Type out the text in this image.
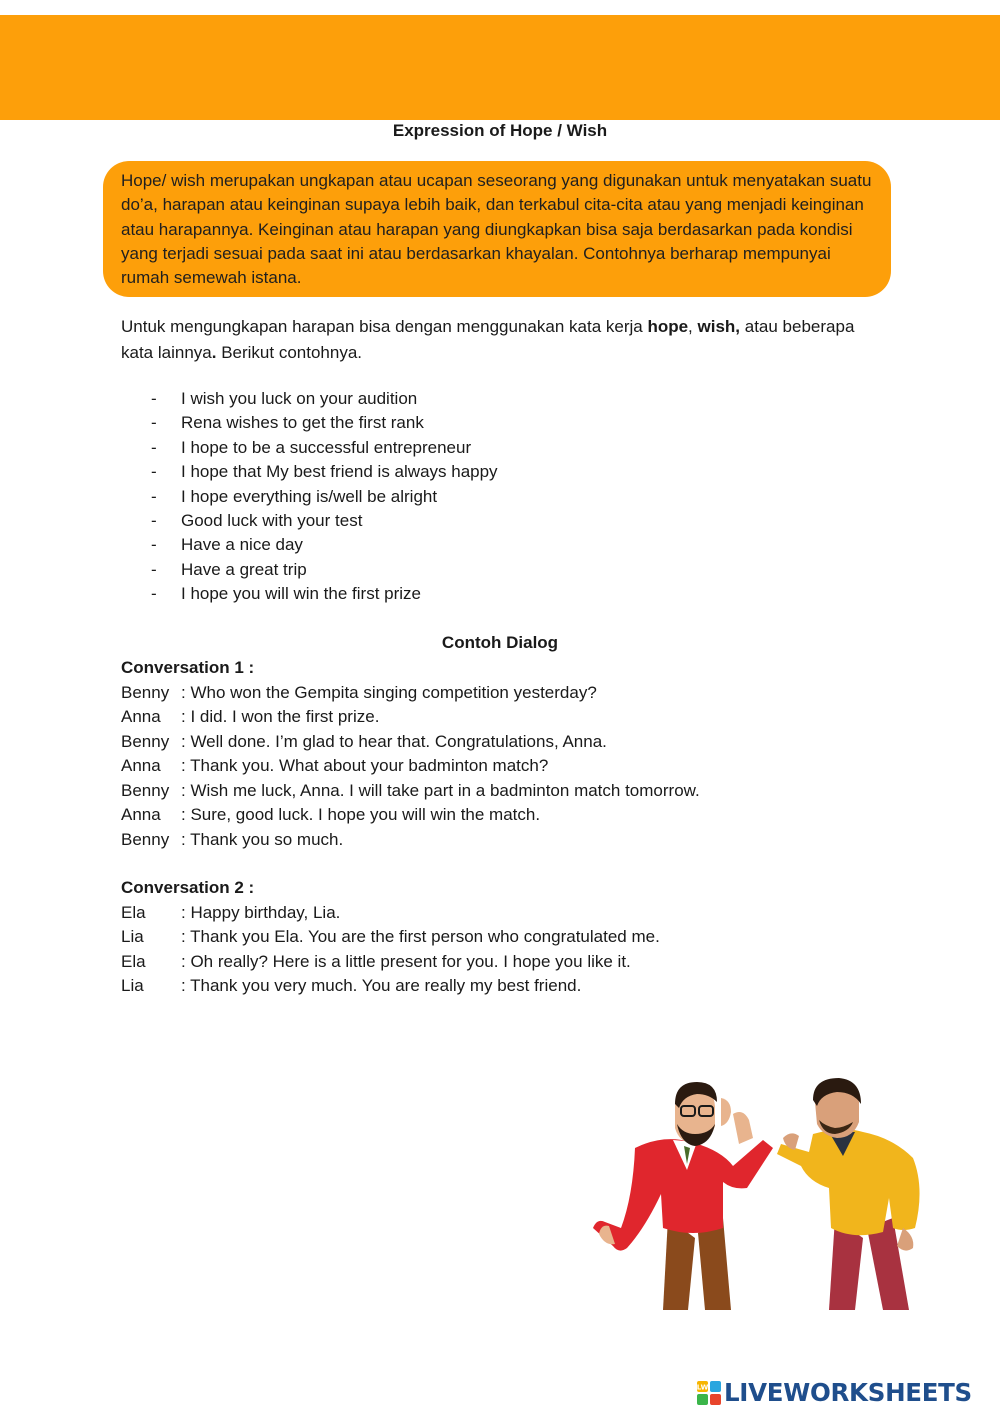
Expression of Hope / Wish

Hope/ wish merupakan ungkapan atau ucapan seseorang yang digunakan untuk menyatakan suatu do’a, harapan atau keinginan supaya lebih baik, dan terkabul cita-cita atau yang menjadi keinginan atau harapannya. Keinginan atau harapan yang diungkapkan bisa saja berdasarkan pada kondisi yang terjadi sesuai pada saat ini atau berdasarkan khayalan. Contohnya berharap mempunyai rumah semewah istana.

Untuk mengungkapan harapan bisa dengan menggunakan kata kerja hope, wish, atau beberapa kata lainnya. Berikut contohnya.

- I wish you luck on your audition
- Rena wishes to get the first rank
- I hope to be a successful entrepreneur
- I hope that My best friend is always happy
- I hope everything is/well be alright
- Good luck with your test
- Have a nice day
- Have a great trip
- I hope you will win the first prize
Contoh Dialog
Conversation 1 :
Benny : Who won the Gempita singing competition yesterday?
Anna : I did. I won the first prize.
Benny : Well done. I’m glad to hear that. Congratulations, Anna.
Anna : Thank you. What about your badminton match?
Benny : Wish me luck, Anna. I will take part in a badminton match tomorrow.
Anna : Sure, good luck. I hope you will win the match.
Benny : Thank you so much.
Conversation 2 :
Ela : Happy birthday, Lia.
Lia : Thank you Ela. You are the first person who congratulated me.
Ela : Oh really? Here is a little present for you. I hope you like it.
Lia : Thank you very much. You are really my best friend.
LW LIVEWORKSHEETS
